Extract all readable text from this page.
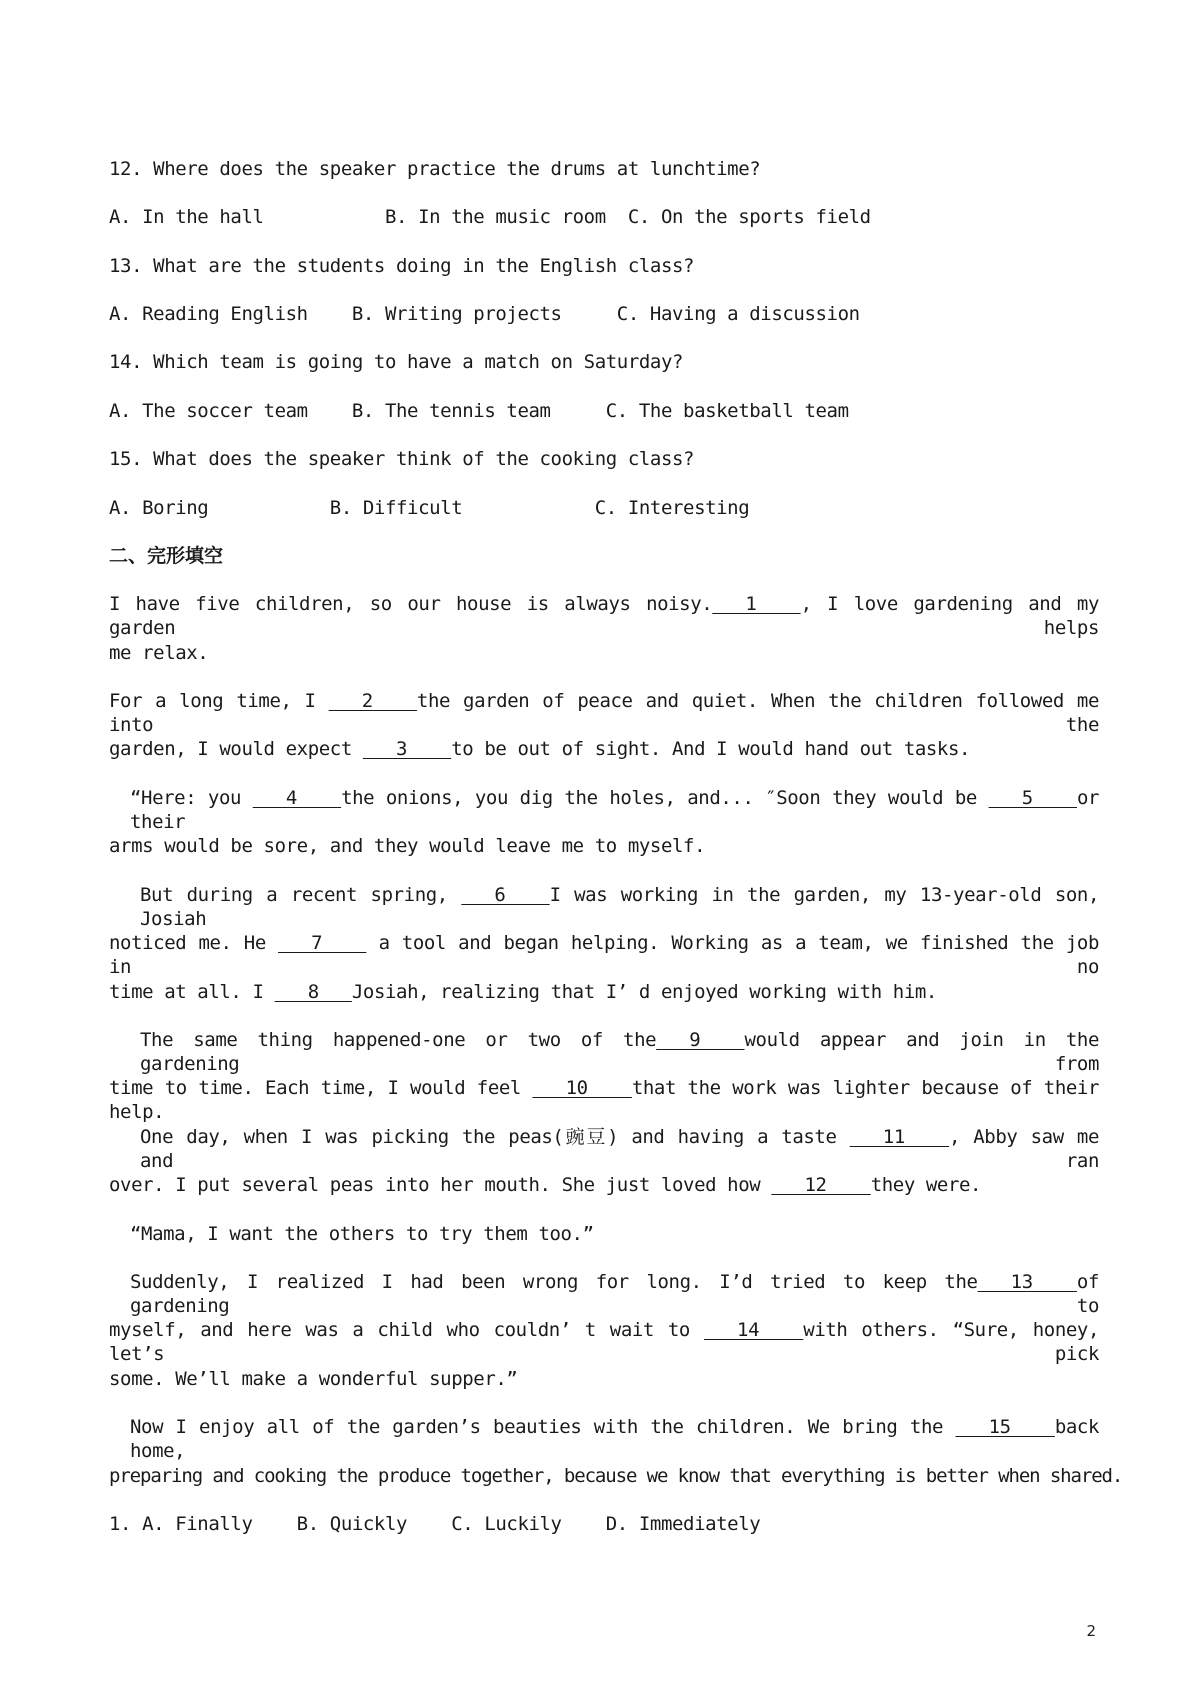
12. Where does the speaker practice the drums at lunchtime?
A. In the hall           B. In the music room  C. On the sports field
13. What are the students doing in the English class?
A. Reading English    B. Writing projects     C. Having a discussion
14. Which team is going to have a match on Saturday?
A. The soccer team    B. The tennis team     C. The basketball team
15. What does the speaker think of the cooking class?
A. Boring           B. Difficult            C. Interesting
二、完形填空
I have five children, so our house is always noisy.   1    , I love gardening and my garden helps
me relax.
For a long time, I    2    the garden of peace and quiet. When the children followed me into the
garden, I would expect    3    to be out of sight. And I would hand out tasks.
“Here: you    4    the onions, you dig the holes, and... ″Soon they would be    5    or their
arms would be sore, and they would leave me to myself.
But during a recent spring,    6    I was working in the garden, my 13-year-old son, Josiah
noticed me. He    7     a tool and began helping. Working as a team, we finished the job in no
time at all. I    8   Josiah, realizing that I’ d enjoyed working with him.
The same thing happened-one or two of the   9    would appear and join in the gardening from
time to time. Each time, I would feel    10    that the work was lighter because of their help.
One day, when I was picking the peas(豌豆) and having a taste    11    , Abby saw me and ran
over. I put several peas into her mouth. She just loved how    12    they were.
“Mama, I want the others to try them too.”
Suddenly, I realized I had been wrong for long. I’d tried to keep the   13    of gardening to
myself, and here was a child who couldn’ t wait to    14    with others. “Sure, honey, let’s pick
some. We’ll make a wonderful supper.”
Now I enjoy all of the garden’s beauties with the children. We bring the    15    back home,
preparing and cooking the produce together, because we know that everything is better when shared.
1. A. Finally    B. Quickly    C. Luckily    D. Immediately
2
